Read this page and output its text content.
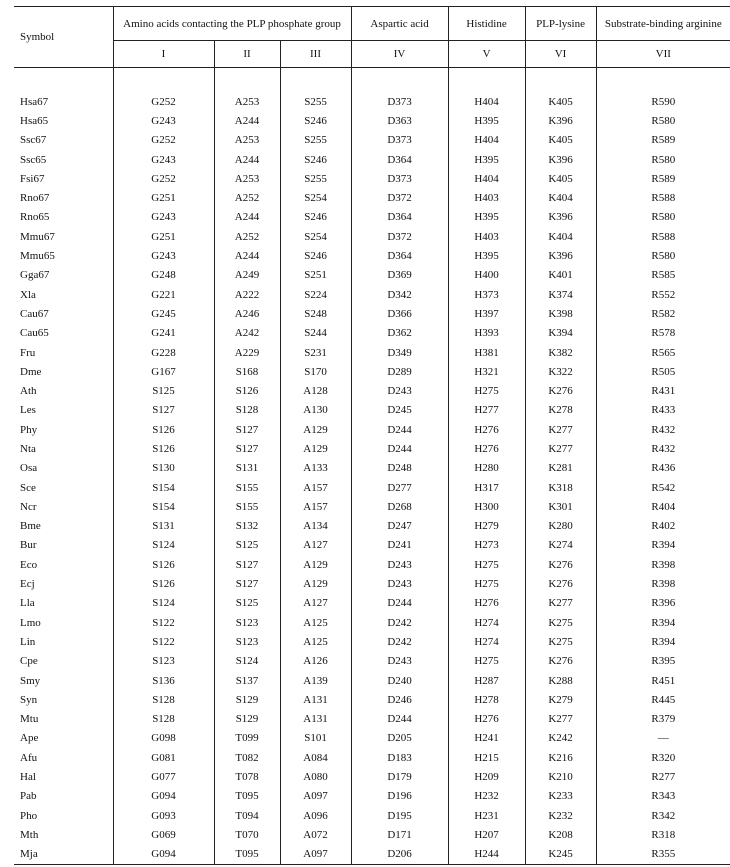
Symbol	Amino acids contacting the PLP phosphate group			Aspartic acid	Histidine	PLP-lysine	Substrate-binding arginine
	I	II	III	IV	V	VI	VII

Hsa67	G252	A253	S255	D373	H404	K405	R590
Hsa65	G243	A244	S246	D363	H395	K396	R580
Ssc67	G252	A253	S255	D373	H404	K405	R589
Ssc65	G243	A244	S246	D364	H395	K396	R580
Fsi67	G252	A253	S255	D373	H404	K405	R589
Rno67	G251	A252	S254	D372	H403	K404	R588
Rno65	G243	A244	S246	D364	H395	K396	R580
Mmu67	G251	A252	S254	D372	H403	K404	R588
Mmu65	G243	A244	S246	D364	H395	K396	R580
Gga67	G248	A249	S251	D369	H400	K401	R585
Xla	G221	A222	S224	D342	H373	K374	R552
Cau67	G245	A246	S248	D366	H397	K398	R582
Cau65	G241	A242	S244	D362	H393	K394	R578
Fru	G228	A229	S231	D349	H381	K382	R565
Dme	G167	S168	S170	D289	H321	K322	R505
Ath	S125	S126	A128	D243	H275	K276	R431
Les	S127	S128	A130	D245	H277	K278	R433
Phy	S126	S127	A129	D244	H276	K277	R432
Nta	S126	S127	A129	D244	H276	K277	R432
Osa	S130	S131	A133	D248	H280	K281	R436
Sce	S154	S155	A157	D277	H317	K318	R542
Ncr	S154	S155	A157	D268	H300	K301	R404
Bme	S131	S132	A134	D247	H279	K280	R402
Bur	S124	S125	A127	D241	H273	K274	R394
Eco	S126	S127	A129	D243	H275	K276	R398
Ecj	S126	S127	A129	D243	H275	K276	R398
Lla	S124	S125	A127	D244	H276	K277	R396
Lmo	S122	S123	A125	D242	H274	K275	R394
Lin	S122	S123	A125	D242	H274	K275	R394
Cpe	S123	S124	A126	D243	H275	K276	R395
Smy	S136	S137	A139	D240	H287	K288	R451
Syn	S128	S129	A131	D246	H278	K279	R445
Mtu	S128	S129	A131	D244	H276	K277	R379
Ape	G098	T099	S101	D205	H241	K242	—
Afu	G081	T082	A084	D183	H215	K216	R320
Hal	G077	T078	A080	D179	H209	K210	R277
Pab	G094	T095	A097	D196	H232	K233	R343
Pho	G093	T094	A096	D195	H231	K232	R342
Mth	G069	T070	A072	D171	H207	K208	R318
Mja	G094	T095	A097	D206	H244	K245	R355
